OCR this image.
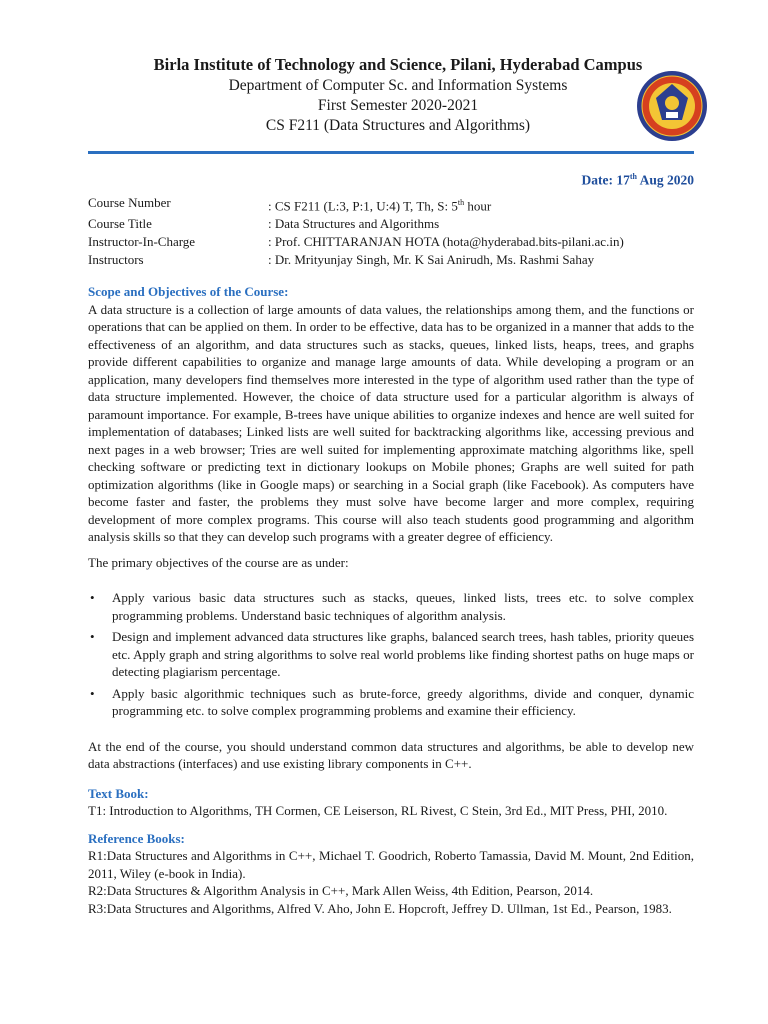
Birla Institute of Technology and Science, Pilani, Hyderabad Campus
Department of Computer Sc. and Information Systems
First Semester 2020-2021
CS F211 (Data Structures and Algorithms)
Date: 17th Aug 2020
Course Number	: CS F211 (L:3, P:1, U:4) T, Th, S: 5th hour
Course Title	: Data Structures and Algorithms
Instructor-In-Charge	: Prof. CHITTARANJAN HOTA (hota@hyderabad.bits-pilani.ac.in)
Instructors	: Dr. Mrityunjay Singh, Mr. K Sai Anirudh, Ms. Rashmi Sahay
Scope and Objectives of the Course:

A data structure is a collection of large amounts of data values, the relationships among them, and the functions or operations that can be applied on them. In order to be effective, data has to be organized in a manner that adds to the effectiveness of an algorithm, and data structures such as stacks, queues, linked lists, heaps, trees, and graphs provide different capabilities to organize and manage large amounts of data. While developing a program or an application, many developers find themselves more interested in the type of algorithm used rather than the type of data structure implemented. However, the choice of data structure used for a particular algorithm is always of paramount importance. For example, B-trees have unique abilities to organize indexes and hence are well suited for implementation of databases; Linked lists are well suited for backtracking algorithms like, accessing previous and next pages in a web browser; Tries are well suited for implementing approximate matching algorithms like, spell checking software or predicting text in dictionary lookups on Mobile phones; Graphs are well suited for path optimization algorithms (like in Google maps) or searching in a Social graph (like Facebook). As computers have become faster and faster, the problems they must solve have become larger and more complex, requiring development of more complex programs. This course will also teach students good programming and algorithm analysis skills so that they can develop such programs with a greater degree of efficiency.

The primary objectives of the course are as under:

• Apply various basic data structures such as stacks, queues, linked lists, trees etc. to solve complex programming problems. Understand basic techniques of algorithm analysis.
• Design and implement advanced data structures like graphs, balanced search trees, hash tables, priority queues etc. Apply graph and string algorithms to solve real world problems like finding shortest paths on huge maps or detecting plagiarism percentage.
• Apply basic algorithmic techniques such as brute-force, greedy algorithms, divide and conquer, dynamic programming etc. to solve complex programming problems and examine their efficiency.

At the end of the course, you should understand common data structures and algorithms, be able to develop new data abstractions (interfaces) and use existing library components in C++.

Text Book:

T1: Introduction to Algorithms, TH Cormen, CE Leiserson, RL Rivest, C Stein, 3rd Ed., MIT Press, PHI, 2010.

Reference Books:

R1:Data Structures and Algorithms in C++, Michael T. Goodrich, Roberto Tamassia, David M. Mount, 2nd Edition, 2011, Wiley (e-book in India).

R2:Data Structures & Algorithm Analysis in C++, Mark Allen Weiss, 4th Edition, Pearson, 2014.

R3:Data Structures and Algorithms, Alfred V. Aho, John E. Hopcroft, Jeffrey D. Ullman, 1st Ed., Pearson, 1983.
